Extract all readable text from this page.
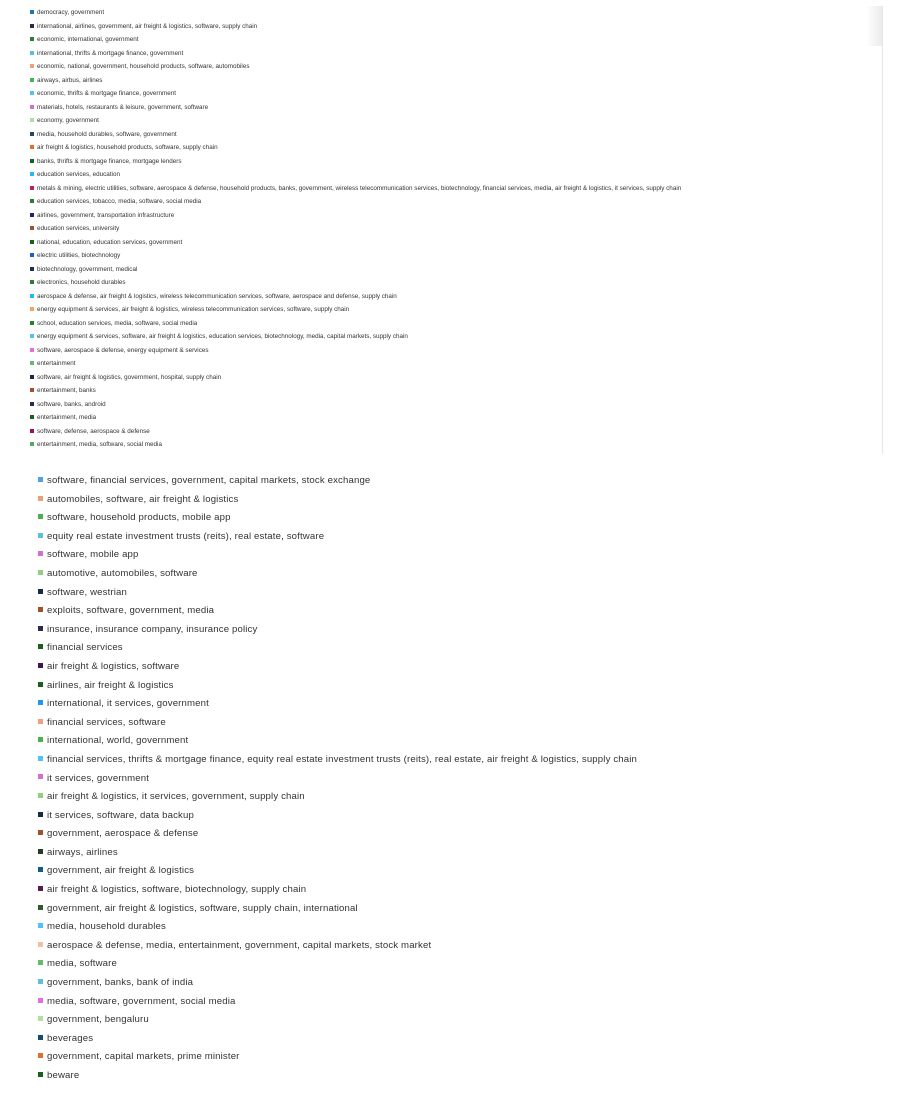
democracy, government
international, airlines, government, air freight & logistics, software, supply chain
economic, international, government
international, thrifts & mortgage finance, government
economic, national, government, household products, software, automobiles
airways, airbus, airlines
economic, thrifts & mortgage finance, government
materials, hotels, restaurants & leisure, government, software
economy, government
media, household durables, software, government
air freight & logistics, household products, software, supply chain
banks, thrifts & mortgage finance, mortgage lenders
education services, education
metals & mining, electric utilities, software, aerospace & defense, household products, banks, government, wireless telecommunication services, biotechnology, financial services, media, air freight & logistics, it services, supply chain
education services, tobacco, media, software, social media
airlines, government, transportation infrastructure
education services, university
national, education, education services, government
electric utilities, biotechnology
biotechnology, government, medical
electronics, household durables
aerospace & defense, air freight & logistics, wireless telecommunication services, software, aerospace and defense, supply chain
energy equipment & services, air freight & logistics, wireless telecommunication services, software, supply chain
school, education services, media, software, social media
energy equipment & services, software, air freight & logistics, education services, biotechnology, media, capital markets, supply chain
software, aerospace & defense, energy equipment & services
entertainment
software, air freight & logistics, government, hospital, supply chain
entertainment, banks
software, banks, android
entertainment, media
software, defense, aerospace & defense
entertainment, media, software, social media
software, financial services, government, capital markets, stock exchange
automobiles, software, air freight & logistics
software, household products, mobile app
equity real estate investment trusts (reits), real estate, software
software, mobile app
automotive, automobiles, software
software, westrian
exploits, software, government, media
insurance, insurance company, insurance policy
financial services
air freight & logistics, software
airlines, air freight & logistics
international, it services, government
financial services, software
international, world, government
financial services, thrifts & mortgage finance, equity real estate investment trusts (reits), real estate, air freight & logistics, supply chain
it services, government
air freight & logistics, it services, government, supply chain
it services, software, data backup
government, aerospace & defense
airways, airlines
government, air freight & logistics
air freight & logistics, software, biotechnology, supply chain
government, air freight & logistics, software, supply chain, international
media, household durables
aerospace & defense, media, entertainment, government, capital markets, stock market
media, software
government, banks, bank of india
media, software, government, social media
government, bengaluru
beverages
government, capital markets, prime minister
beware
